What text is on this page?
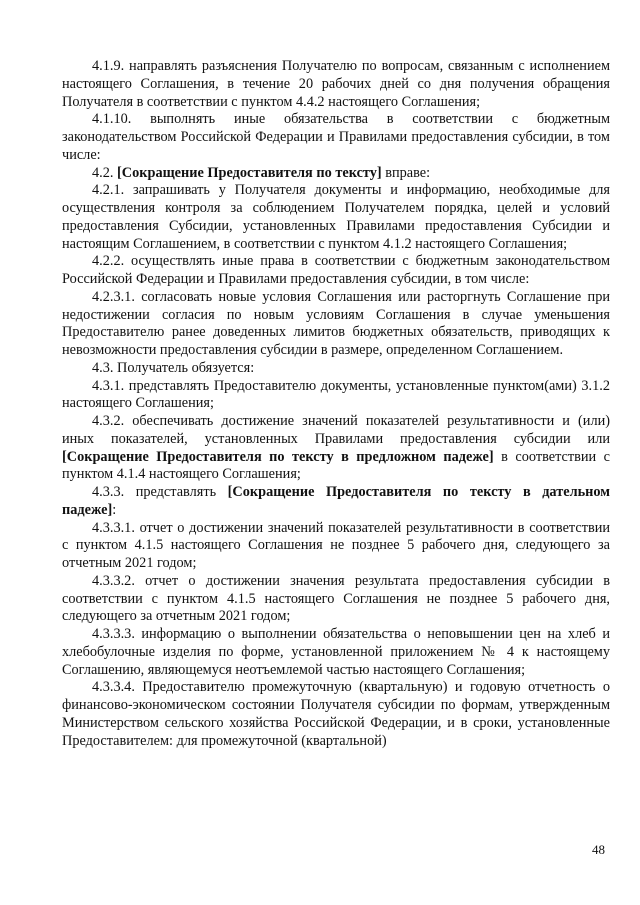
4.1.9. направлять разъяснения Получателю по вопросам, связанным с исполнением настоящего Соглашения, в течение 20 рабочих дней со дня получения обращения Получателя в соответствии с пунктом 4.4.2 настоящего Соглашения;

4.1.10. выполнять иные обязательства в соответствии с бюджетным законодательством Российской Федерации и Правилами предоставления субсидии, в том числе:

4.2. [Сокращение Предоставителя по тексту] вправе:

4.2.1. запрашивать у Получателя документы и информацию, необходимые для осуществления контроля за соблюдением Получателем порядка, целей и условий предоставления Субсидии, установленных Правилами предоставления Субсидии и настоящим Соглашением, в соответствии с пунктом 4.1.2 настоящего Соглашения;

4.2.2. осуществлять иные права в соответствии с бюджетным законодательством Российской Федерации и Правилами предоставления субсидии, в том числе:

4.2.3.1. согласовать новые условия Соглашения или расторгнуть Соглашение при недостижении согласия по новым условиям Соглашения в случае уменьшения Предоставителю ранее доведенных лимитов бюджетных обязательств, приводящих к невозможности предоставления субсидии в размере, определенном Соглашением.

4.3. Получатель обязуется:

4.3.1. представлять Предоставителю документы, установленные пунктом(ами) 3.1.2 настоящего Соглашения;

4.3.2. обеспечивать достижение значений показателей результативности и (или) иных показателей, установленных Правилами предоставления субсидии или [Сокращение Предоставителя по тексту в предложном падеже] в соответствии с пунктом 4.1.4 настоящего Соглашения;

4.3.3. представлять [Сокращение Предоставителя по тексту в дательном падеже]:

4.3.3.1. отчет о достижении значений показателей результативности в соответствии с пунктом 4.1.5 настоящего Соглашения не позднее 5 рабочего дня, следующего за отчетным 2021 годом;

4.3.3.2. отчет о достижении значения результата предоставления субсидии в соответствии с пунктом 4.1.5 настоящего Соглашения не позднее 5 рабочего дня, следующего за отчетным 2021 годом;

4.3.3.3. информацию о выполнении обязательства о неповышении цен на хлеб и хлебобулочные изделия по форме, установленной приложением № 4 к настоящему Соглашению, являющемуся неотъемлемой частью настоящего Соглашения;

4.3.3.4. Предоставителю промежуточную (квартальную) и годовую отчетность о финансово-экономическом состоянии Получателя субсидии по формам, утвержденным Министерством сельского хозяйства Российской Федерации, и в сроки, установленные Предоставителем: для промежуточной (квартальной)

48
